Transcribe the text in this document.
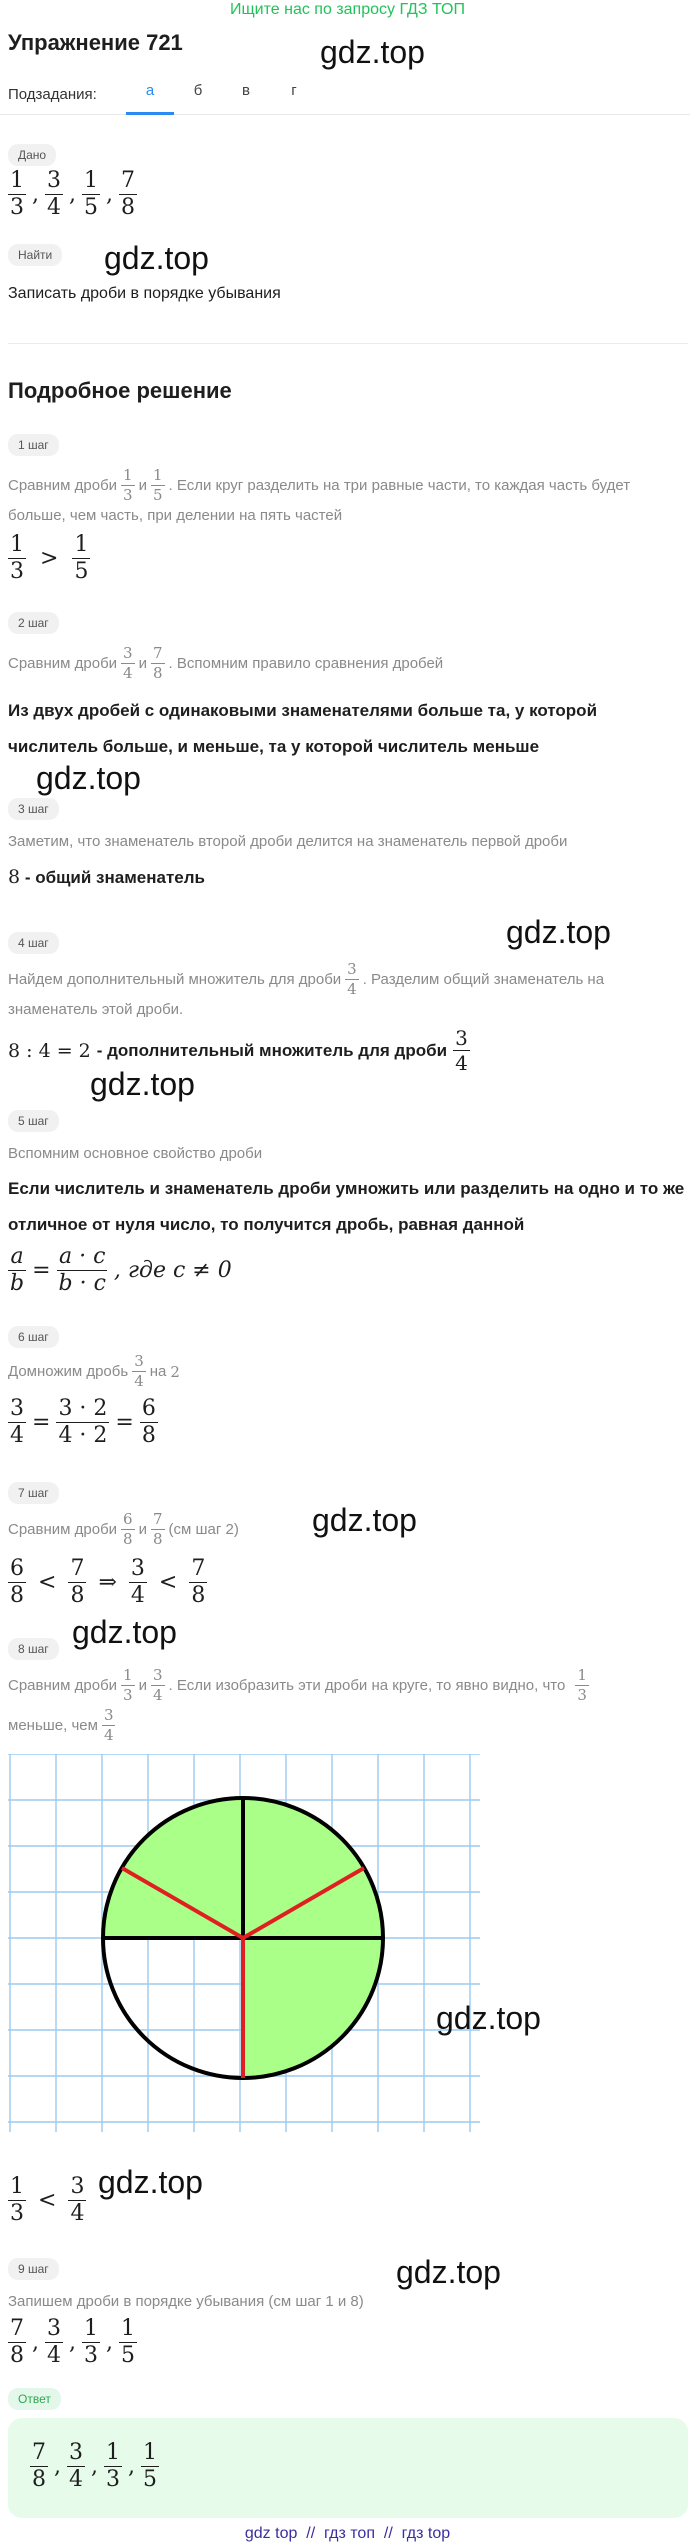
Ищите нас по запросу ГДЗ ТОП
Упражнение 721	gdz.top
Подзадания:	а	б	в	г
Дано
$\frac{1}{3}$ , $\frac{3}{4}$ , $\frac{1}{5}$ , $\frac{7}{8}$
Найти	gdz.top
Записать дроби в порядке убывания
Подробное решение
1 шаг
Сравним дроби $\frac{1}{3}$ и $\frac{1}{5}$ . Если круг разделить на три равные части, то каждая часть будет
больше, чем часть, при делении на пять частей
$\frac{1}{3} > \frac{1}{5}$
2 шаг
Сравним дроби $\frac{3}{4}$ и $\frac{7}{8}$ . Вспомним правило сравнения дробей
Из двух дробей с одинаковыми знаменателями больше та, у которой
числитель больше, и меньше, та у которой числитель меньше
gdz.top
3 шаг
Заметим, что знаменатель второй дроби делится на знаменатель первой дроби
8 - общий знаменатель
4 шаг	gdz.top
Найдем дополнительный множитель для дроби $\frac{3}{4}$ . Разделим общий знаменатель на
знаменатель этой дроби.
8 : 4 = 2 - дополнительный множитель для дроби $\frac{3}{4}$
gdz.top
5 шаг
Вспомним основное свойство дроби
Если числитель и знаменатель дроби умножить или разделить на одно и то же
отличное от нуля число, то получится дробь, равная данной
$\frac{a}{b} = \frac{a \cdot c}{b \cdot c}$ , где c ≠ 0
6 шаг
Домножим дробь $\frac{3}{4}$ на 2
$\frac{3}{4} = \frac{3 \cdot 2}{4 \cdot 2} = \frac{6}{8}$
7 шаг
gdz.top
Сравним дроби $\frac{6}{8}$ и $\frac{7}{8} (см$ шаг 2)
$\frac{6}{8} < \frac{7}{8}$ ⇒ $\frac{3}{4} < \frac{7}{8}$
gdz.top
8 шаг
Сравним дроби $\frac{1}{3}$ и $\frac{3}{4}$ . Если изобразить эти дроби на круге, то явно видно, что $\frac{1}{3}$
меньше, чем $\frac{3}{4}$
gdz.top
$\frac{1}{3} < \frac{3}{4} gdz.top$
9 шаг	gdz.top
Запишем дроби в порядке убывания (см шаг 1 и 8)
$\frac{7}{8}$ , $\frac{3}{4}$ , $\frac{1}{3}$ , $\frac{1}{5}$
Ответ
$\frac{7}{8}$ , $\frac{3}{4}$ , $\frac{1}{3}$ , $\frac{1}{5}$
gdz top  //  гдз топ  //  гдз top
